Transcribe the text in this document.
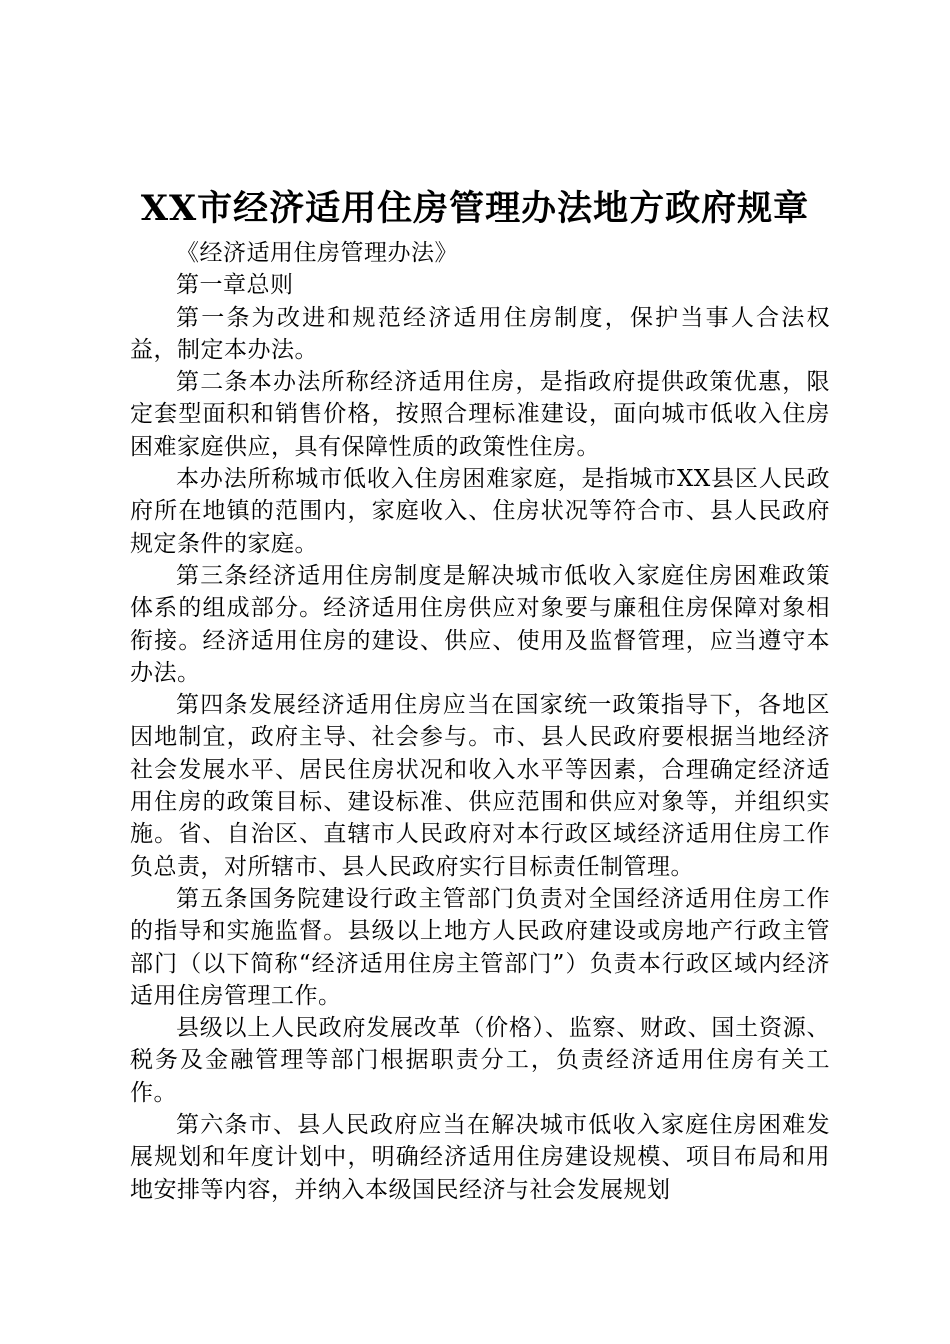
XX市经济适用住房管理办法地方政府规章

《经济适用住房管理办法》

第一章总则

第一条为改进和规范经济适用住房制度，保护当事人合法权益，制定本办法。

第二条本办法所称经济适用住房，是指政府提供政策优惠，限定套型面积和销售价格，按照合理标准建设，面向城市低收入住房困难家庭供应，具有保障性质的政策性住房。

本办法所称城市低收入住房困难家庭，是指城市XX县区人民政府所在地镇的范围内，家庭收入、住房状况等符合市、县人民政府规定条件的家庭。

第三条经济适用住房制度是解决城市低收入家庭住房困难政策体系的组成部分。经济适用住房供应对象要与廉租住房保障对象相衔接。经济适用住房的建设、供应、使用及监督管理，应当遵守本办法。

第四条发展经济适用住房应当在国家统一政策指导下，各地区因地制宜，政府主导、社会参与。市、县人民政府要根据当地经济社会发展水平、居民住房状况和收入水平等因素，合理确定经济适用住房的政策目标、建设标准、供应范围和供应对象等，并组织实施。省、自治区、直辖市人民政府对本行政区域经济适用住房工作负总责，对所辖市、县人民政府实行目标责任制管理。

第五条国务院建设行政主管部门负责对全国经济适用住房工作的指导和实施监督。县级以上地方人民政府建设或房地产行政主管部门（以下简称“经济适用住房主管部门”）负责本行政区域内经济适用住房管理工作。

县级以上人民政府发展改革（价格）、监察、财政、国土资源、税务及金融管理等部门根据职责分工，负责经济适用住房有关工作。

第六条市、县人民政府应当在解决城市低收入家庭住房困难发展规划和年度计划中，明确经济适用住房建设规模、项目布局和用地安排等内容，并纳入本级国民经济与社会发展规划
